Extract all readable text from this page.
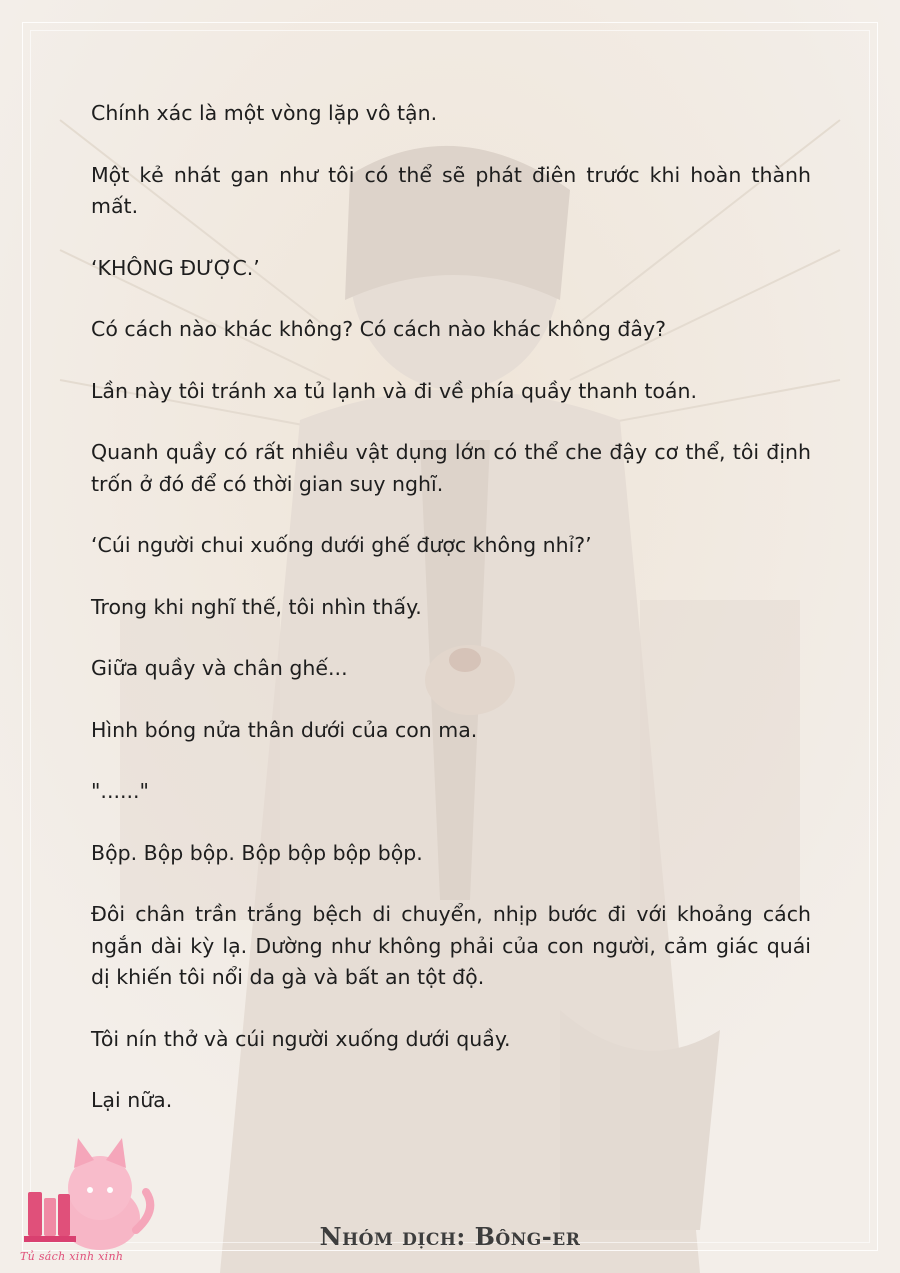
Chính xác là một vòng lặp vô tận.

Một kẻ nhát gan như tôi có thể sẽ phát điên trước khi hoàn thành mất.

‘KHÔNG ĐƯỢC.’

Có cách nào khác không? Có cách nào khác không đây?

Lần này tôi tránh xa tủ lạnh và đi về phía quầy thanh toán.

Quanh quầy có rất nhiều vật dụng lớn có thể che đậy cơ thể, tôi định trốn ở đó để có thời gian suy nghĩ.

‘Cúi người chui xuống dưới ghế được không nhỉ?’

Trong khi nghĩ thế, tôi nhìn thấy.

Giữa quầy và chân ghế...

Hình bóng nửa thân dưới của con ma.

"......"

Bộp. Bộp bộp. Bộp bộp bộp bộp.

Đôi chân trần trắng bệch di chuyển, nhịp bước đi với khoảng cách ngắn dài kỳ lạ. Dường như không phải của con người, cảm giác quái dị khiến tôi nổi da gà và bất an tột độ.

Tôi nín thở và cúi người xuống dưới quầy.

Lại nữa.

Tủ sách xinh xinh
Nhóm dịch: Bông-er
